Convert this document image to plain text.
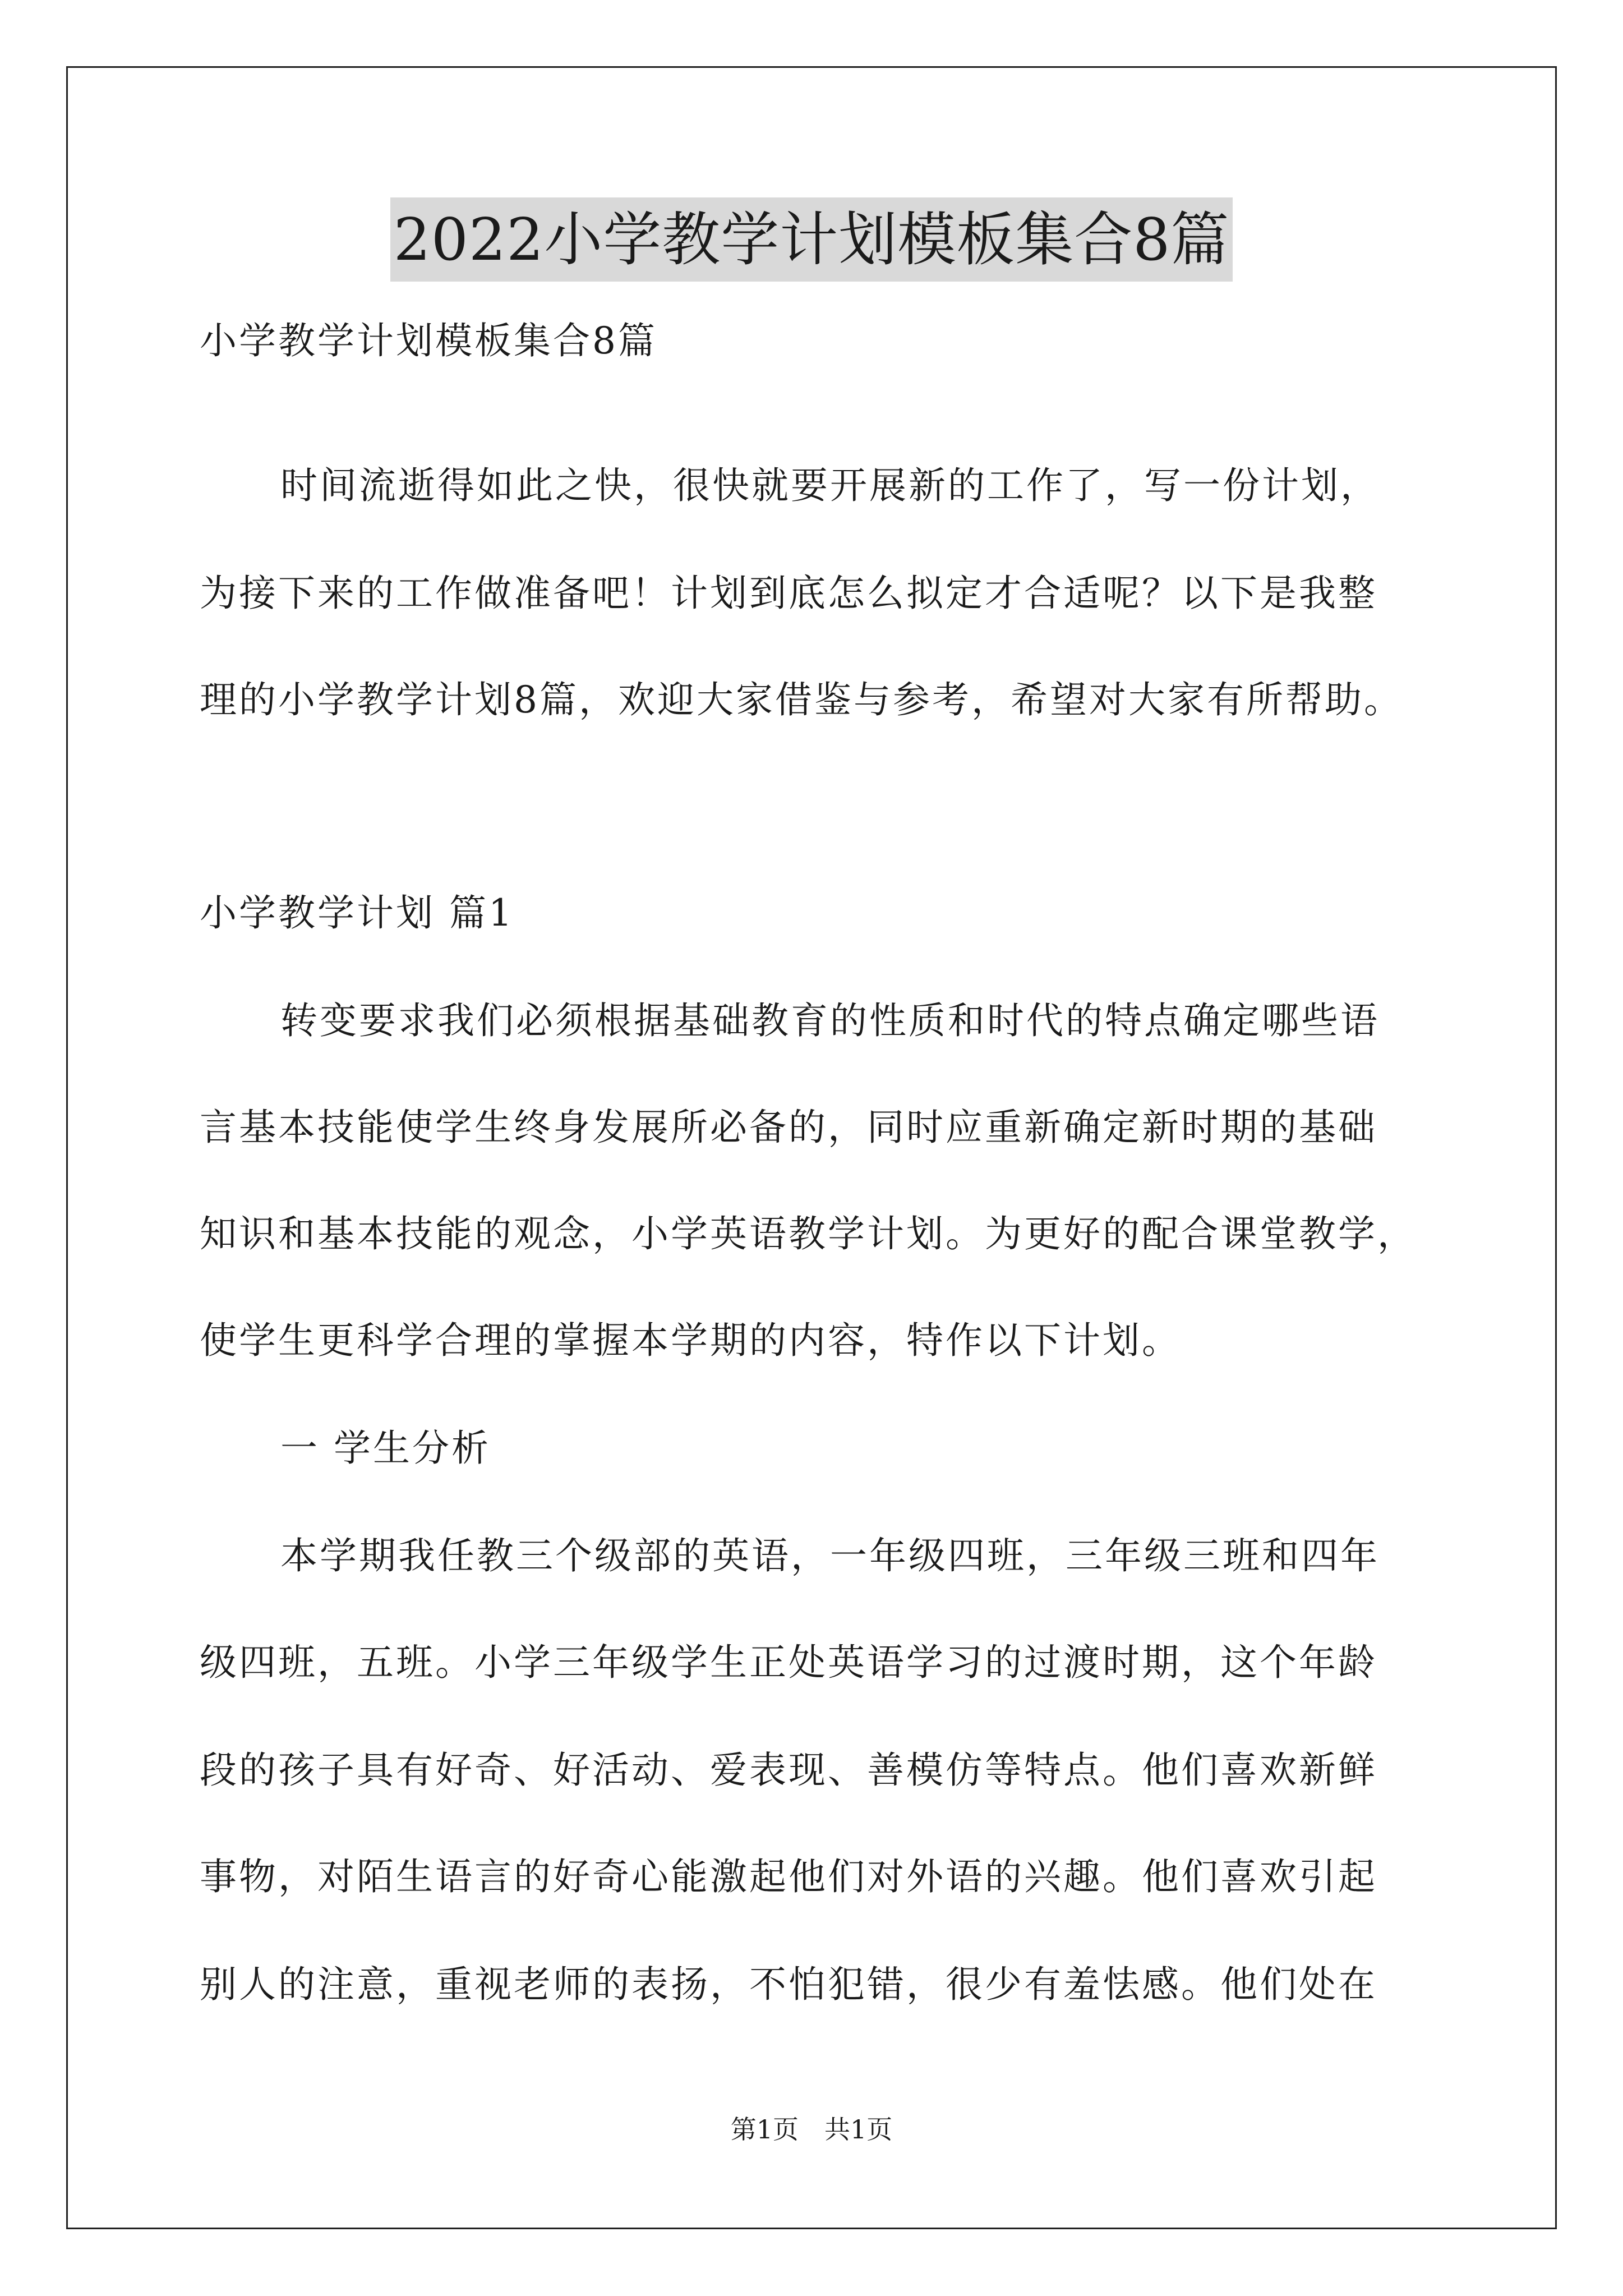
2022小学教学计划模板集合8篇
小学教学计划模板集合8篇
时间流逝得如此之快，很快就要开展新的工作了，写一份计划，
为接下来的工作做准备吧！计划到底怎么拟定才合适呢？以下是我整
理的小学教学计划8篇，欢迎大家借鉴与参考，希望对大家有所帮助。
小学教学计划 篇1
转变要求我们必须根据基础教育的性质和时代的特点确定哪些语
言基本技能使学生终身发展所必备的，同时应重新确定新时期的基础
知识和基本技能的观念，小学英语教学计划。为更好的配合课堂教学，
使学生更科学合理的掌握本学期的内容，特作以下计划。
一 学生分析
本学期我任教三个级部的英语，一年级四班，三年级三班和四年
级四班，五班。小学三年级学生正处英语学习的过渡时期，这个年龄
段的孩子具有好奇、好活动、爱表现、善模仿等特点。他们喜欢新鲜
事物，对陌生语言的好奇心能激起他们对外语的兴趣。他们喜欢引起
别人的注意，重视老师的表扬，不怕犯错，很少有羞怯感。他们处在
第1页　共1页
